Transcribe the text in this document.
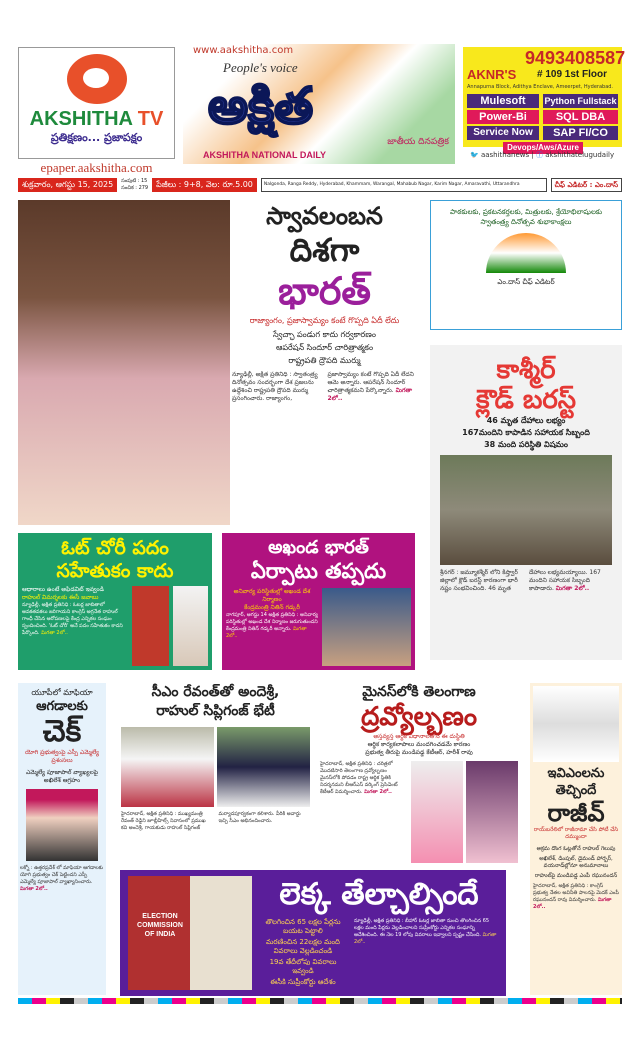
AKSHITHA TV
ప్రతిక్షణం... ప్రజాపక్షం
epaper.aakshitha.com
www.aakshitha.com
People's voice
అక్షిత
జాతీయ దినపత్రిక
AKSHITHA NATIONAL DAILY
AKNR'S
9493408587
# 109 1st Floor
Annapurna Block, Adithya Enclave, Ameerpet, Hyderabad.
Mulesoft	Python Fullstack
Power-Bi	SQL DBA
Service Now	SAP FI/CO
Devops/Aws/Azure
🐦 aashithanews | ⓕ akshithatelugudaily
శుక్రవారం, ఆగస్టు 15, 2025	సంపుటి : 15
సంచిక : 279	పేజీలు : 9+8, వెల: రూ.5.00	Nalgonda, Ranga Reddy, Hyderabad, Khammam, Warangal, Mahabub Nagar, Karim Nagar, Amaravathi, Uttarandhra	చీఫ్ ఎడిటర్ : ఎం.దాస్
స్వావలంబన
దిశగా
భారత్
రాజ్యాంగం, ప్రజాస్వామ్యం కంటే గొప్పది ఏదీ లేదు
స్వేచ్ఛా పండుగ కాదు గర్వకారణం
ఆపరేషన్ సిందూర్ చారిత్రాత్మకం
రాష్ట్రపతి ద్రౌపది ముర్ము
న్యూఢిల్లీ, అక్షిత ప్రతినిధి : స్వాతంత్ర్య దినోత్సవం సందర్భంగా దేశ ప్రజలను ఉద్దేశించి రాష్ట్రపతి ద్రౌపది ముర్ము ప్రసంగించారు. రాజ్యాంగం, ప్రజాస్వామ్యం కంటే గొప్పది ఏదీ లేదని ఆమె అన్నారు. ఆపరేషన్ సిందూర్ చారిత్రాత్మకమని పేర్కొన్నారు. మిగతా 2లో..
పాఠకులకు, ప్రకటనకర్తలకు, మిత్రులకు, శ్రేయోభిలాషులకు స్వాతంత్ర్య దినోత్సవ శుభాకాంక్షలు
ఎం.దాస్ చీఫ్ ఎడిటర్
కాశ్మీర్
క్లౌడ్ బరస్ట్
46 మృత దేహాలు లభ్యం
167మందిని కాపాడిన సహాయక సిబ్బంది
38 మంది పరిస్థితి విషమం
శ్రీనగర్ : జమ్మూకశ్మీర్ లోని కిష్త్వార్ జిల్లాలో క్లౌడ్ బరస్ట్ కారణంగా భారీ నష్టం సంభవించింది. 46 మృత దేహాలు లభ్యమయ్యాయి. 167 మందిని సహాయక సిబ్బంది కాపాడారు. మిగతా 2లో..
ఓట్ చోరీ పదం
సహేతుకం కాదు
ఆధారాలు ఉంటే అఫిడవిట్ ఇవ్వండి
రాహుల్ విమర్శలకు ఈసీ జవాబు
న్యూఢిల్లీ, అక్షిత ప్రతినిధి : ఓటర్ల జాబితాలో అవకతవకలు జరిగాయని కాంగ్రెస్ అగ్రనేత రాహుల్ గాంధీ చేసిన ఆరోపణలపై కేంద్ర ఎన్నికల సంఘం స్పందించింది. 'ఓట్ చోరీ' అనే పదం సహేతుకం కాదని పేర్కొంది. మిగతా 2లో..
అఖండ భారత్
ఏర్పాటు తప్పదు
అనివార్య పరిస్థితుల్లో అఖండ దేశ నిర్మాణం
కేంద్రమంత్రి నితిన్ గడ్కరీ
నాగపూర్, ఆగస్టు 14 అక్షిత ప్రతినిధి : అనివార్య పరిస్థితుల్లో అఖండ దేశ నిర్మాణం జరుగుతుందని కేంద్రమంత్రి నితిన్ గడ్కరీ అన్నారు. మిగతా 2లో..
యూపీలో మాఫియా
ఆగడాలకు
చెక్
యోగి ప్రభుత్వంపై ఎస్పీ ఎమ్మెల్యే ప్రశంసలు
ఎమ్మెల్యే పూజాపాల్ వ్యాఖ్యలపై అఖిలేశ్ ఆగ్రహం
లక్నో : ఉత్తరప్రదేశ్ లో మాఫియా ఆగడాలకు యోగి ప్రభుత్వం చెక్ పెట్టిందని ఎస్పీ ఎమ్మెల్యే పూజాపాల్ వ్యాఖ్యానించారు. మిగతా 2లో..
సీఎం రేవంత్‌తో అందెశ్రీ,
రాహుల్ సిప్లిగంజ్ భేటీ
హైదరాబాద్, అక్షిత ప్రతినిధి : ముఖ్యమంత్రి రేవంత్ రెడ్డిని జూబ్లీహిల్స్ నివాసంలో ప్రముఖ కవి అందెశ్రీ, గాయకుడు రాహుల్ సిప్లిగంజ్ మర్యాదపూర్వకంగా కలిశారు. వీరికి అవార్డు ఇచ్చి సీఎం అభినందించారు.
మైనస్‌లోకి తెలంగాణ
ద్రవ్యోల్బణం
అస్తవ్యస్త ఆర్థిక విధానాలతోనే ఈ దుస్థితి
ఆర్థిక కార్యకలాపాలు మందగించడమే కారణం
ప్రభుత్వ తీరుపై మండిపడ్డ కేటీఆర్, హరీశ్ రావు
హైదరాబాద్, అక్షిత ప్రతినిధి : చరిత్రలో మొదటిసారి తెలంగాణ ద్రవ్యోల్బణం మైనస్‌లోకి పోవడం రాష్ట్ర ఆర్థిక స్థితికి నిదర్శనమని బీఆర్ఎస్ వర్కింగ్ ప్రెసిడెంట్ కేటీఆర్ విమర్శించారు. మిగతా 2లో..
ఇవిఎంలను
తెచ్చిందే
రాజీవ్
రాయ్‌బరేలిలో రాజీనామా చేసి పోటీ చేసి దమ్ముందా
అక్రమ దొంగ ఓట్లతోనే రాహుల్ గెలుపు
అఖిలేశ్, డింపుల్, డైమండ్ హార్బర్, వయనాడ్‌ల్లోనూ అనుమానాలు
రాహుల్‌పై మండిపడ్డ ఎంపీ రఘునందన్
హైదరాబాద్, అక్షిత ప్రతినిధి : కాంగ్రెస్ ప్రభుత్వ నేతల అవినీతి పాలనపై మెదక్ ఎంపీ రఘునందన్ రావు విమర్శించారు. మిగతా 2లో..
ELECTION COMMISSION OF INDIA
లెక్క తేల్చాల్సిందే
తొలగించిన 65 లక్షల పేర్లను బయట పెట్టాలి
మరణించిన 22లక్షల మంది వివరాలు వెల్లడించండి
19వ తేదీలోపు వివరాలు ఇవ్వండి
ఈసీకి సుప్రీంకోర్టు ఆదేశం
న్యూఢిల్లీ, అక్షిత ప్రతినిధి : బీహార్ ఓటర్ల జాబితా నుంచి తొలగించిన 65 లక్షల మంది పేర్లను వెల్లడించాలని సుప్రీంకోర్టు ఎన్నికల సంఘాన్ని ఆదేశించింది. ఈ నెల 19 లోపు వివరాలు ఇవ్వాలని స్పష్టం చేసింది. మిగతా 2లో..
